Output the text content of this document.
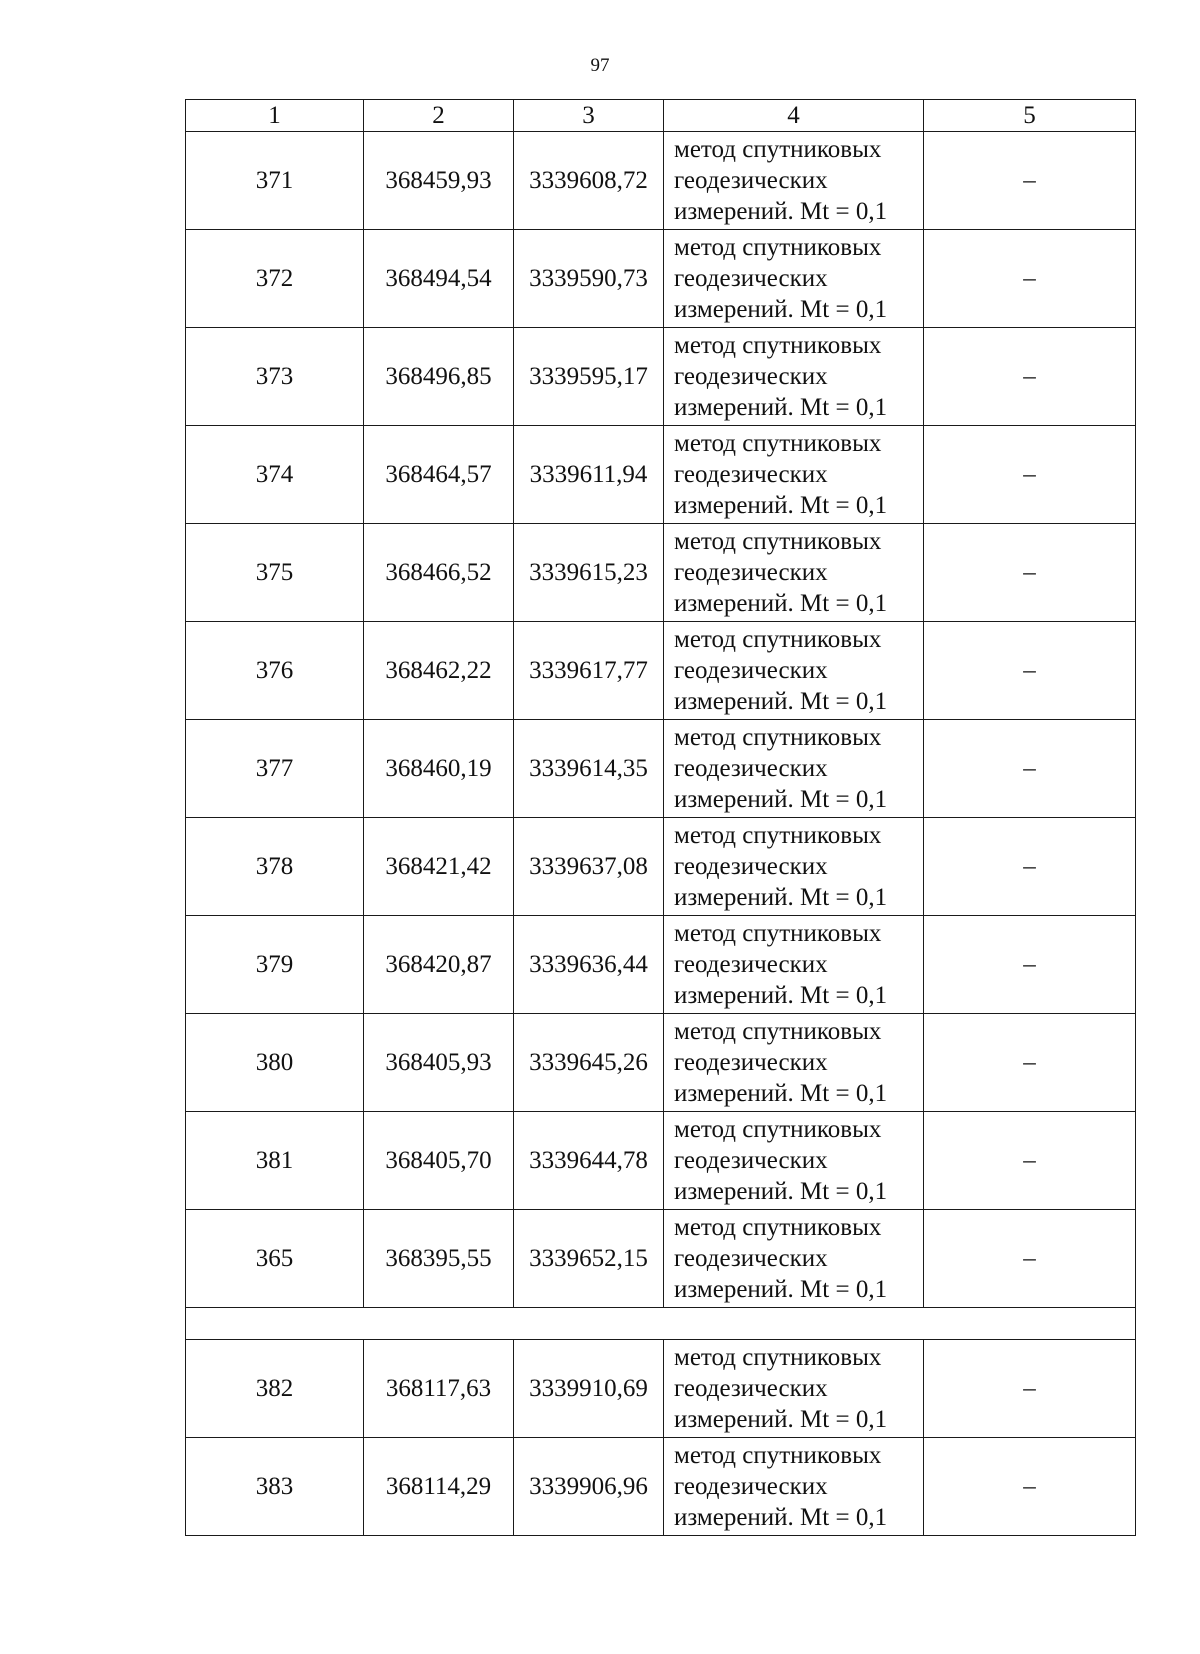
97
1	2	3	4	5
371	368459,93	3339608,72	метод спутниковых
геодезических
измерений. Mt = 0,1	–
372	368494,54	3339590,73	метод спутниковых
геодезических
измерений. Mt = 0,1	–
373	368496,85	3339595,17	метод спутниковых
геодезических
измерений. Mt = 0,1	–
374	368464,57	3339611,94	метод спутниковых
геодезических
измерений. Mt = 0,1	–
375	368466,52	3339615,23	метод спутниковых
геодезических
измерений. Mt = 0,1	–
376	368462,22	3339617,77	метод спутниковых
геодезических
измерений. Mt = 0,1	–
377	368460,19	3339614,35	метод спутниковых
геодезических
измерений. Mt = 0,1	–
378	368421,42	3339637,08	метод спутниковых
геодезических
измерений. Mt = 0,1	–
379	368420,87	3339636,44	метод спутниковых
геодезических
измерений. Mt = 0,1	–
380	368405,93	3339645,26	метод спутниковых
геодезических
измерений. Mt = 0,1	–
381	368405,70	3339644,78	метод спутниковых
геодезических
измерений. Mt = 0,1	–
365	368395,55	3339652,15	метод спутниковых
геодезических
измерений. Mt = 0,1	–

382	368117,63	3339910,69	метод спутниковых
геодезических
измерений. Mt = 0,1	–
383	368114,29	3339906,96	метод спутниковых
геодезических
измерений. Mt = 0,1	–
